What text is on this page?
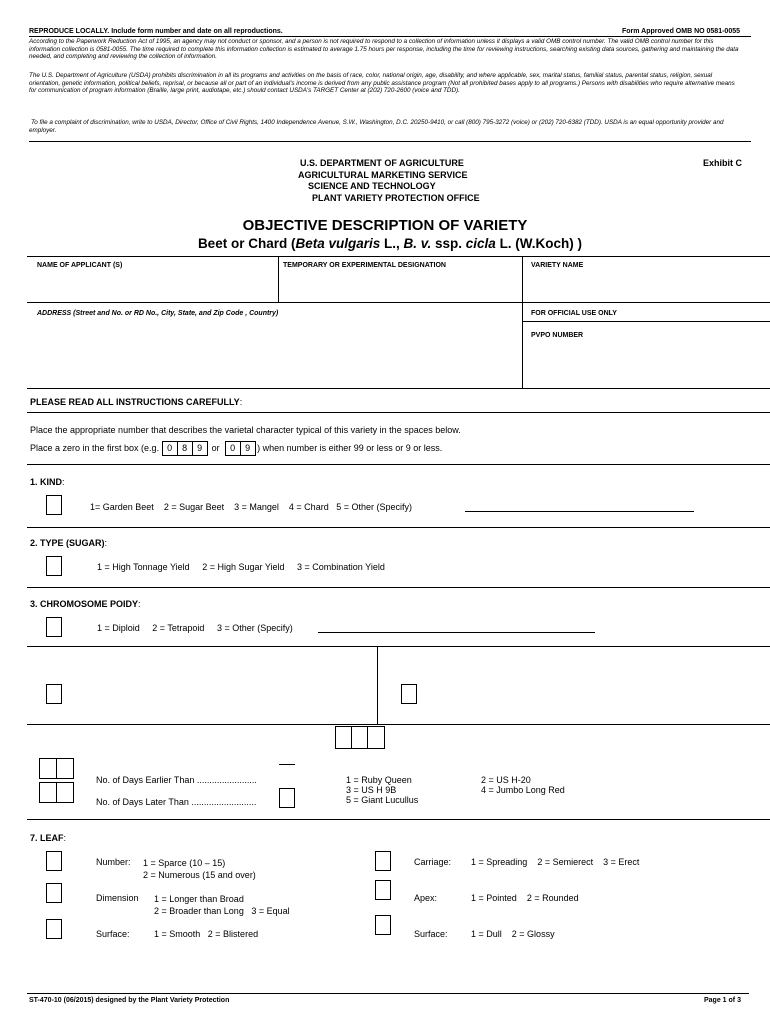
REPRODUCE LOCALLY. Include form number and date on all reproductions.	Form Approved OMB NO 0581-0055
According to the Paperwork Reduction Act of 1995, an agency may not conduct or sponsor, and a person is not required to respond to a collection of information unless it displays a valid OMB control number. The valid OMB control number for this information collection is 0581-0055. The time required to complete this information collection is estimated to average 1.75 hours per response, including the time for reviewing instructions, searching existing data sources, gathering and maintaining the data needed, and completing and reviewing the collection of information.
The U.S. Department of Agriculture (USDA) prohibits discrimination in all its programs and activities on the basis of race, color, national origin, age, disability, and where applicable, sex, marital status, familial status, parental status, religion, sexual orientation, genetic information, political beliefs, reprisal, or because all or part of an individual's income is derived from any public assistance program (Not all prohibited bases apply to all programs.) Persons with disabilities who require alternative means for communication of program information (Braille, large print, audiotape, etc.) should contact USDA's TARGET Center at (202) 720-2600 (voice and TDD).
To file a complaint of discrimination, write to USDA, Director, Office of Civil Rights, 1400 Independence Avenue, S.W., Washington, D.C. 20250-9410, or call (800) 795-3272 (voice) or (202) 720-6382 (TDD). USDA is an equal opportunity provider and employer.
U.S. DEPARTMENT OF AGRICULTURE
AGRICULTURAL MARKETING SERVICE
SCIENCE AND TECHNOLOGY
PLANT VARIETY PROTECTION OFFICE
Exhibit C
OBJECTIVE DESCRIPTION OF VARIETY
Beet or Chard (Beta vulgaris L., B. v. ssp. cicla L. (W.Koch) )
NAME OF APPLICANT (S)	TEMPORARY OR EXPERIMENTAL DESIGNATION	VARIETY NAME
ADDRESS (Street and No. or RD No., City, State, and Zip Code , Country)	FOR OFFICIAL USE ONLY
PVPO NUMBER
PLEASE READ ALL INSTRUCTIONS CAREFULLY:
Place the appropriate number that describes the varietal character typical of this variety in the spaces below.
Place a zero in the first box (e.g. 0 8 9 or 0 9 ) when number is either 99 or less or 9 or less.
1. KIND:
1= Garden Beet 2 = Sugar Beet 3 = Mangel 4 = Chard 5 = Other (Specify)
2. TYPE (SUGAR):
1 = High Tonnage Yield 2 = High Sugar Yield 3 = Combination Yield
3. CHROMOSOME POIDY:
1 = Diploid 2 = Tetrapoid 3 = Other (Specify)
No. of Days Earlier Than ........................
No. of Days Later Than ..........................
1 = Ruby Queen
3 = US H 9B
5 = Giant Lucullus
2 = US H-20
4 = Jumbo Long Red
7. LEAF:
Number: 1 = Sparce (10 – 15)
2 = Numerous (15 and over)
Dimension 1 = Longer than Broad
2 = Broader than Long 3 = Equal
Surface:	1 = Smooth 2 = Blistered
Carriage: 1 = Spreading 2 = Semierect 3 = Erect
Apex:	1 = Pointed 2 = Rounded
Surface:	1 = Dull 2 = Glossy
ST-470-10 (06/2015) designed by the Plant Variety Protection	Page 1 of 3
